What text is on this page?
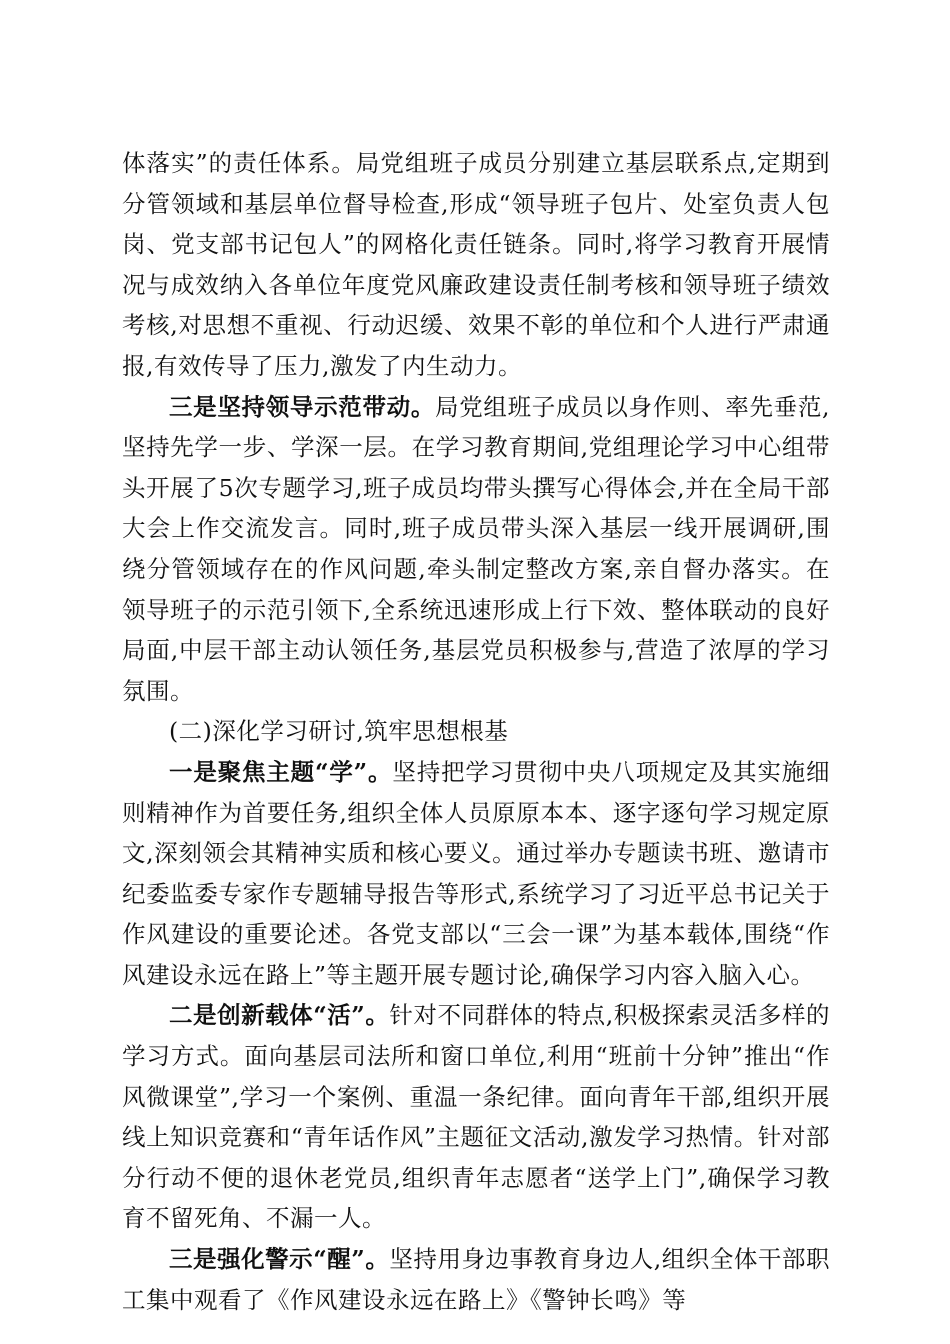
体落实”的责任体系。局党组班子成员分别建立基层联系点,定期到分管领域和基层单位督导检查,形成“领导班子包片、处室负责人包岗、党支部书记包人”的网格化责任链条。同时,将学习教育开展情况与成效纳入各单位年度党风廉政建设责任制考核和领导班子绩效考核,对思想不重视、行动迟缓、效果不彰的单位和个人进行严肃通报,有效传导了压力,激发了内生动力。

三是坚持领导示范带动。局党组班子成员以身作则、率先垂范,坚持先学一步、学深一层。在学习教育期间,党组理论学习中心组带头开展了5次专题学习,班子成员均带头撰写心得体会,并在全局干部大会上作交流发言。同时,班子成员带头深入基层一线开展调研,围绕分管领域存在的作风问题,牵头制定整改方案,亲自督办落实。在领导班子的示范引领下,全系统迅速形成上行下效、整体联动的良好局面,中层干部主动认领任务,基层党员积极参与,营造了浓厚的学习氛围。

(二)深化学习研讨,筑牢思想根基

一是聚焦主题“学”。坚持把学习贯彻中央八项规定及其实施细则精神作为首要任务,组织全体人员原原本本、逐字逐句学习规定原文,深刻领会其精神实质和核心要义。通过举办专题读书班、邀请市纪委监委专家作专题辅导报告等形式,系统学习了习近平总书记关于作风建设的重要论述。各党支部以“三会一课”为基本载体,围绕“作风建设永远在路上”等主题开展专题讨论,确保学习内容入脑入心。

二是创新载体“活”。针对不同群体的特点,积极探索灵活多样的学习方式。面向基层司法所和窗口单位,利用“班前十分钟”推出“作风微课堂”,学习一个案例、重温一条纪律。面向青年干部,组织开展线上知识竞赛和“青年话作风”主题征文活动,激发学习热情。针对部分行动不便的退休老党员,组织青年志愿者“送学上门”,确保学习教育不留死角、不漏一人。

三是强化警示“醒”。坚持用身边事教育身边人,组织全体干部职工集中观看了《作风建设永远在路上》《警钟长鸣》等
